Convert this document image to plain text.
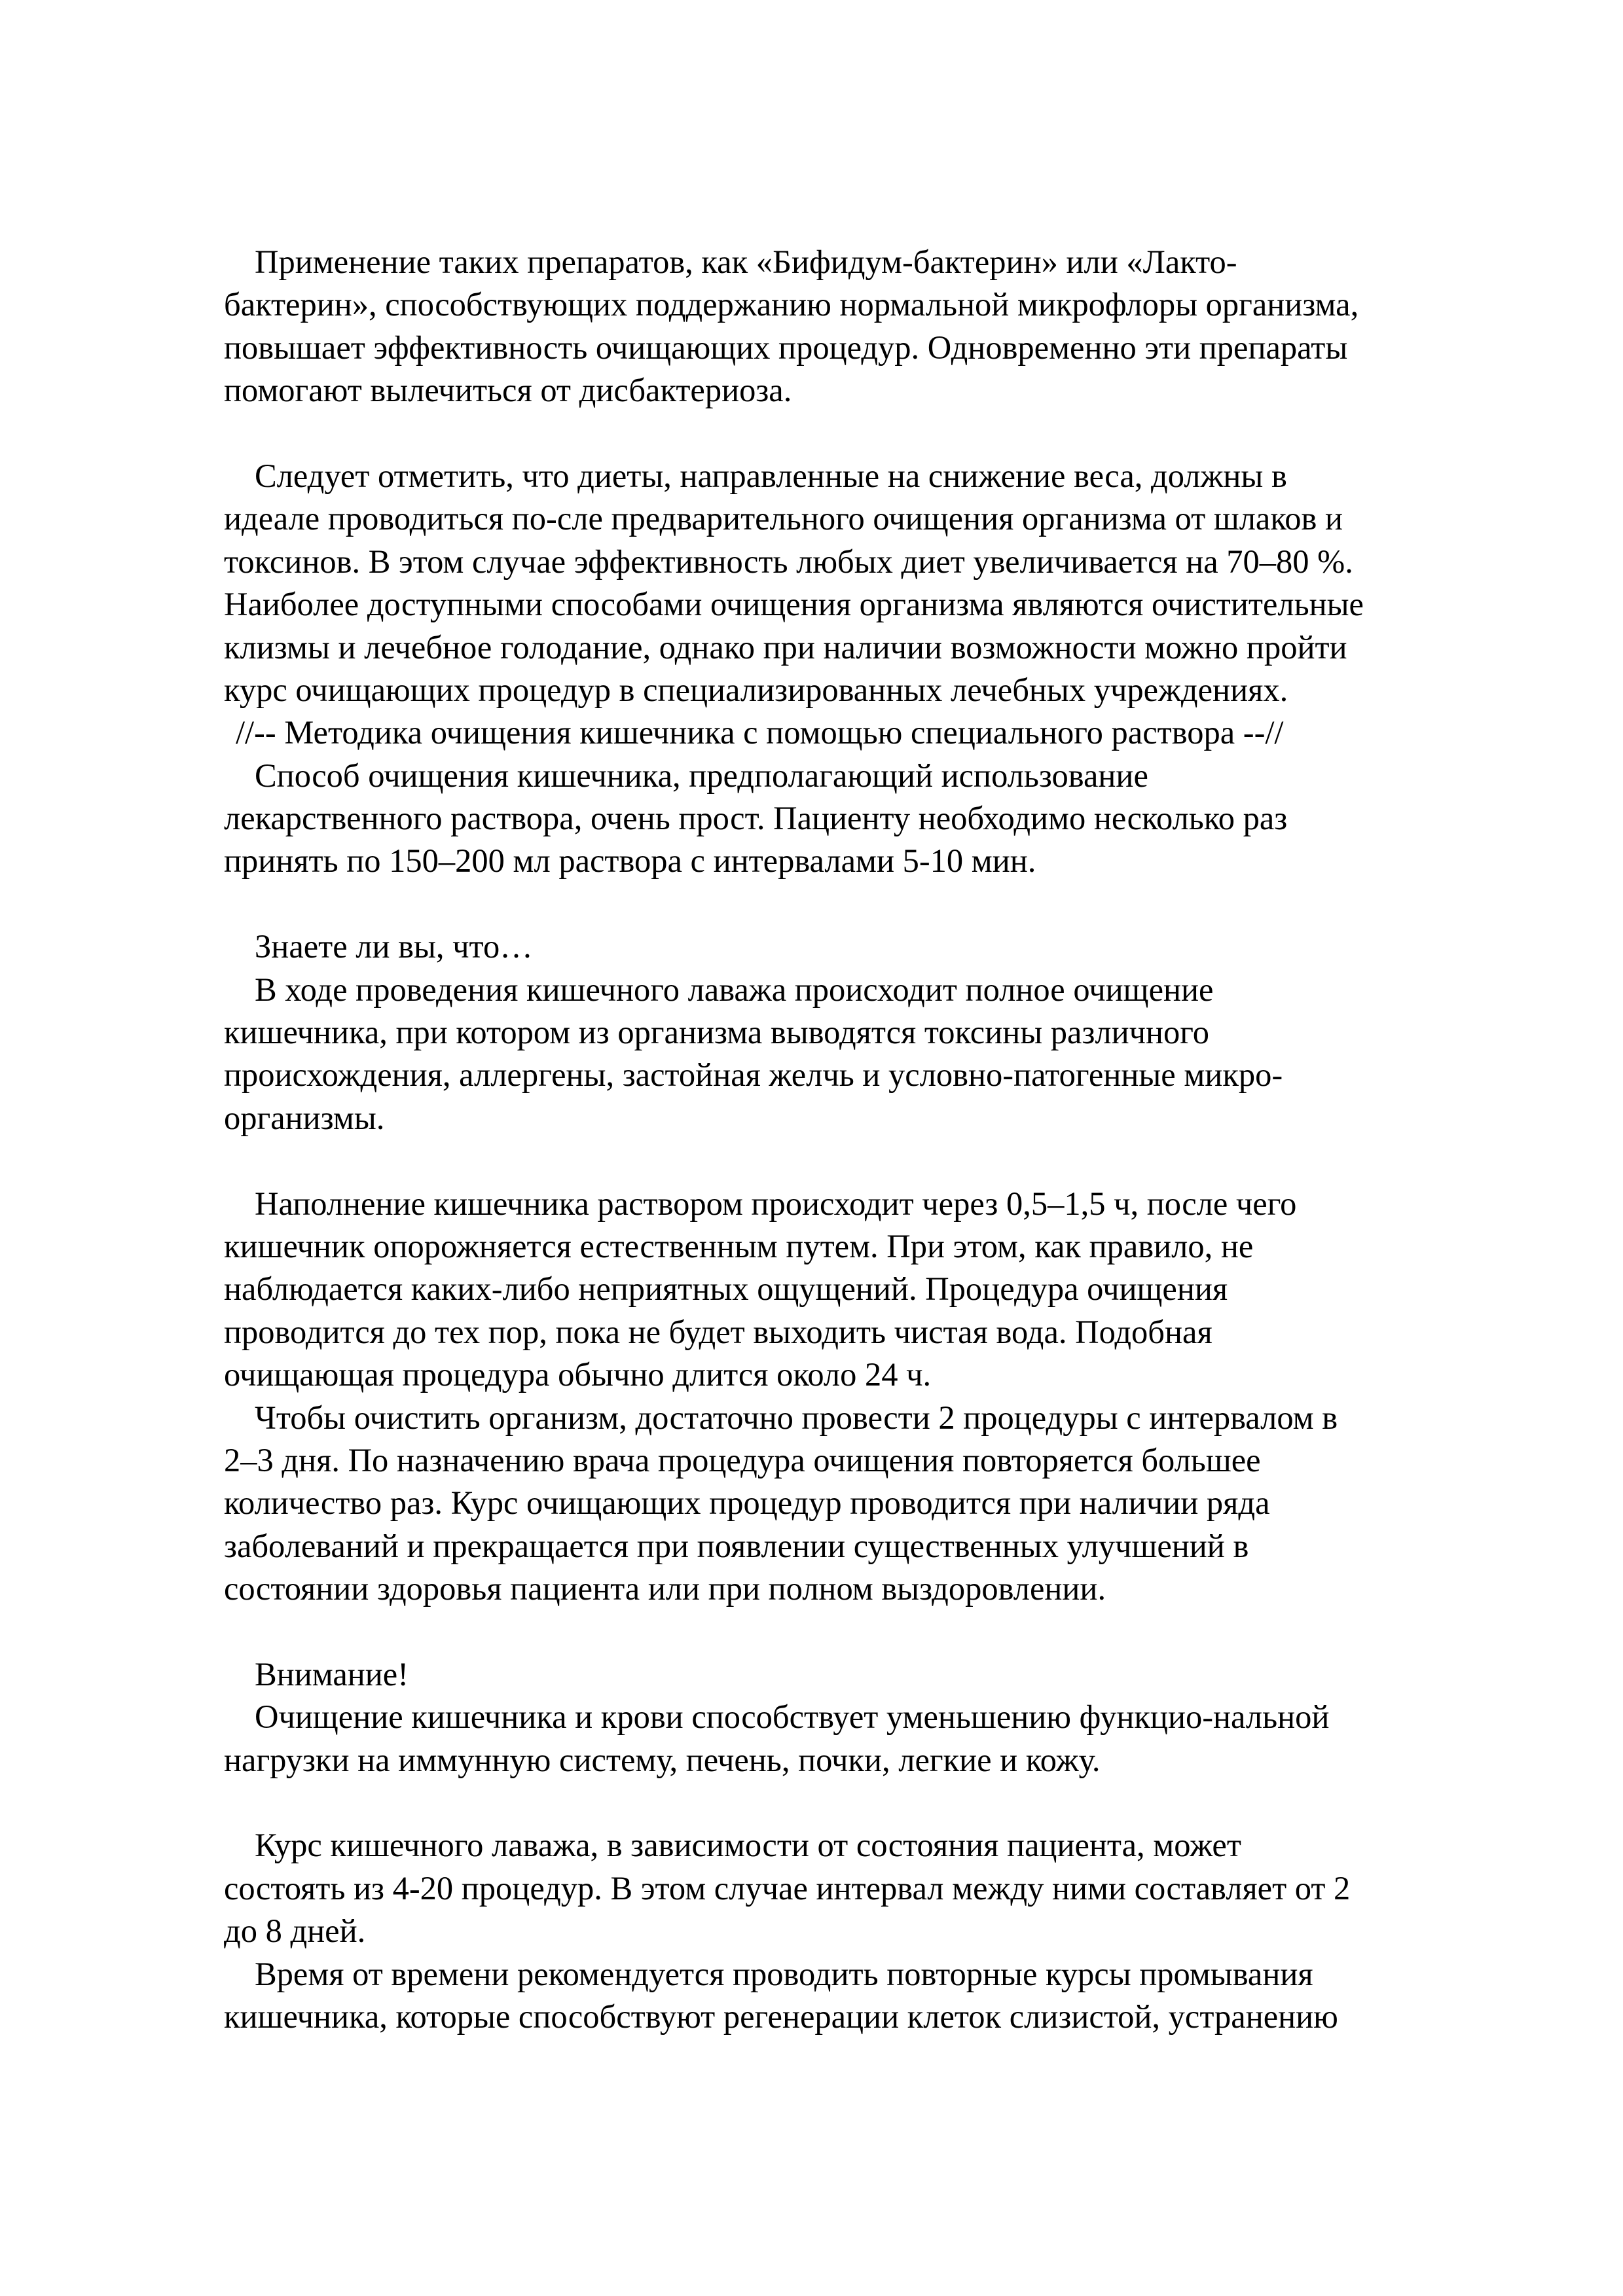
Применение таких препаратов, как «Бифидум-бактерин» или «Лакто-
бактерин», способствующих поддержанию нормальной микрофлоры организма,
повышает эффективность очищающих процедур. Одновременно эти препараты
помогают вылечиться от дисбактериоза.
Следует отметить, что диеты, направленные на снижение веса, должны в
идеале проводиться по-сле предварительного очищения организма от шлаков и
токсинов. В этом случае эффективность любых диет увеличивается на 70–80 %.
Наиболее доступными способами очищения организма являются очистительные
клизмы и лечебное голодание, однако при наличии возможности можно пройти
курс очищающих процедур в специализированных лечебных учреждениях.
//-- Методика очищения кишечника с помощью специального раствора --//
Способ очищения кишечника, предполагающий использование
лекарственного раствора, очень прост. Пациенту необходимо несколько раз
принять по 150–200 мл раствора с интервалами 5-10 мин.
Знаете ли вы, что…
В ходе проведения кишечного лаважа происходит полное очищение
кишечника, при котором из организма выводятся токсины различного
происхождения, аллергены, застойная желчь и условно-патогенные микро-
организмы.
Наполнение кишечника раствором происходит через 0,5–1,5 ч, после чего
кишечник опорожняется естественным путем. При этом, как правило, не
наблюдается каких-либо неприятных ощущений. Процедура очищения
проводится до тех пор, пока не будет выходить чистая вода. Подобная
очищающая процедура обычно длится около 24 ч.
Чтобы очистить организм, достаточно провести 2 процедуры с интервалом в
2–3 дня. По назначению врача процедура очищения повторяется большее
количество раз. Курс очищающих процедур проводится при наличии ряда
заболеваний и прекращается при появлении существенных улучшений в
состоянии здоровья пациента или при полном выздоровлении.
Внимание!
Очищение кишечника и крови способствует уменьшению функцио-нальной
нагрузки на иммунную систему, печень, почки, легкие и кожу.
Курс кишечного лаважа, в зависимости от состояния пациента, может
состоять из 4-20 процедур. В этом случае интервал между ними составляет от 2
до 8 дней.
Время от времени рекомендуется проводить повторные курсы промывания
кишечника, которые способствуют регенерации клеток слизистой, устранению
